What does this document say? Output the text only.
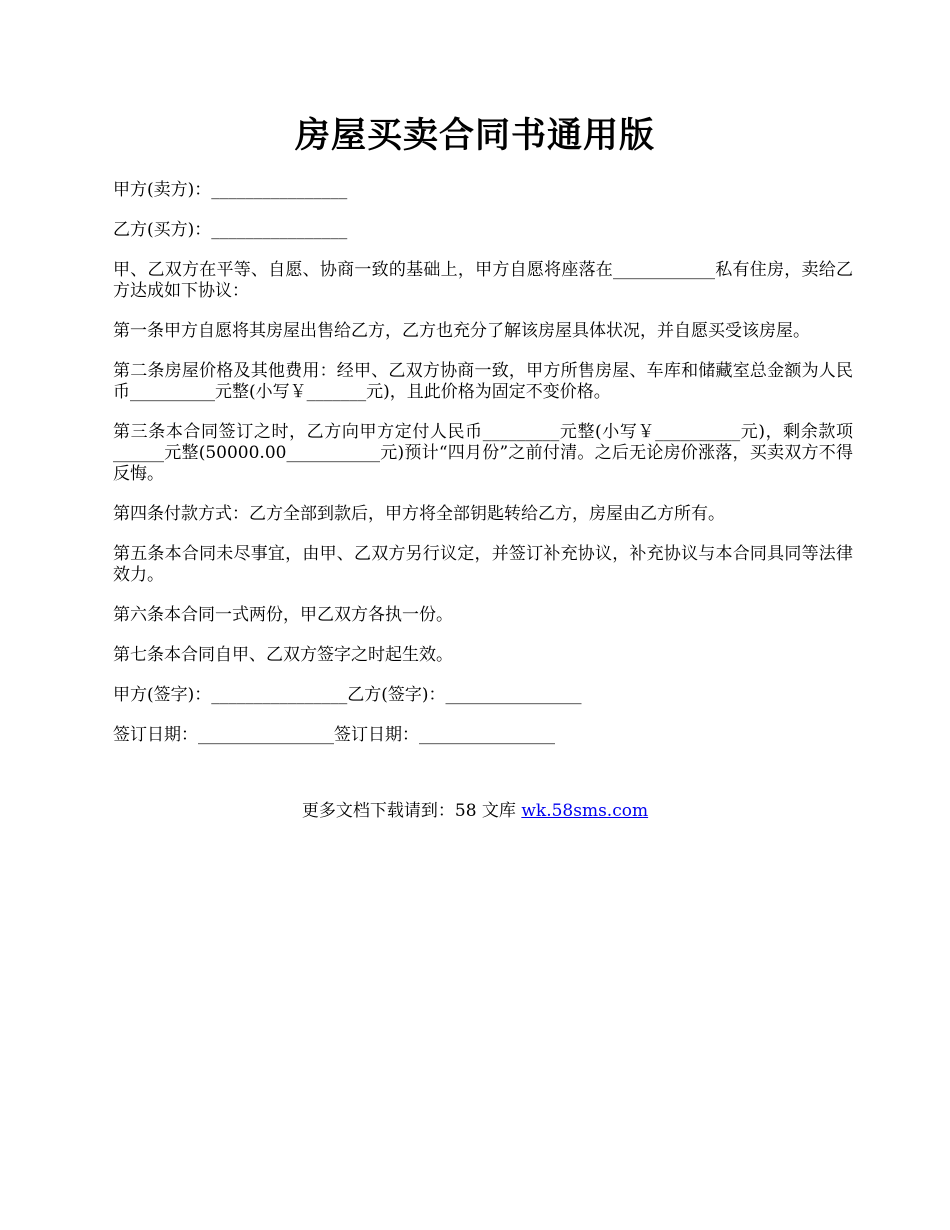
房屋买卖合同书通用版

甲方(卖方)：________________

乙方(买方)：________________

甲、乙双方在平等、自愿、协商一致的基础上，甲方自愿将座落在____________私有住房，卖给乙方达成如下协议：

第一条甲方自愿将其房屋出售给乙方，乙方也充分了解该房屋具体状况，并自愿买受该房屋。

第二条房屋价格及其他费用：经甲、乙双方协商一致，甲方所售房屋、车库和储藏室总金额为人民币__________元整(小写￥_______元)，且此价格为固定不变价格。

第三条本合同签订之时，乙方向甲方定付人民币_________元整(小写￥__________元)，剩余款项______元整(50000.00___________元)预计“四月份”之前付清。之后无论房价涨落，买卖双方不得反悔。

第四条付款方式：乙方全部到款后，甲方将全部钥匙转给乙方，房屋由乙方所有。

第五条本合同未尽事宜，由甲、乙双方另行议定，并签订补充协议，补充协议与本合同具同等法律效力。

第六条本合同一式两份，甲乙双方各执一份。

第七条本合同自甲、乙双方签字之时起生效。

甲方(签字)：________________乙方(签字)：________________

签订日期：________________签订日期：________________

更多文档下载请到：58 文库 wk.58sms.com
